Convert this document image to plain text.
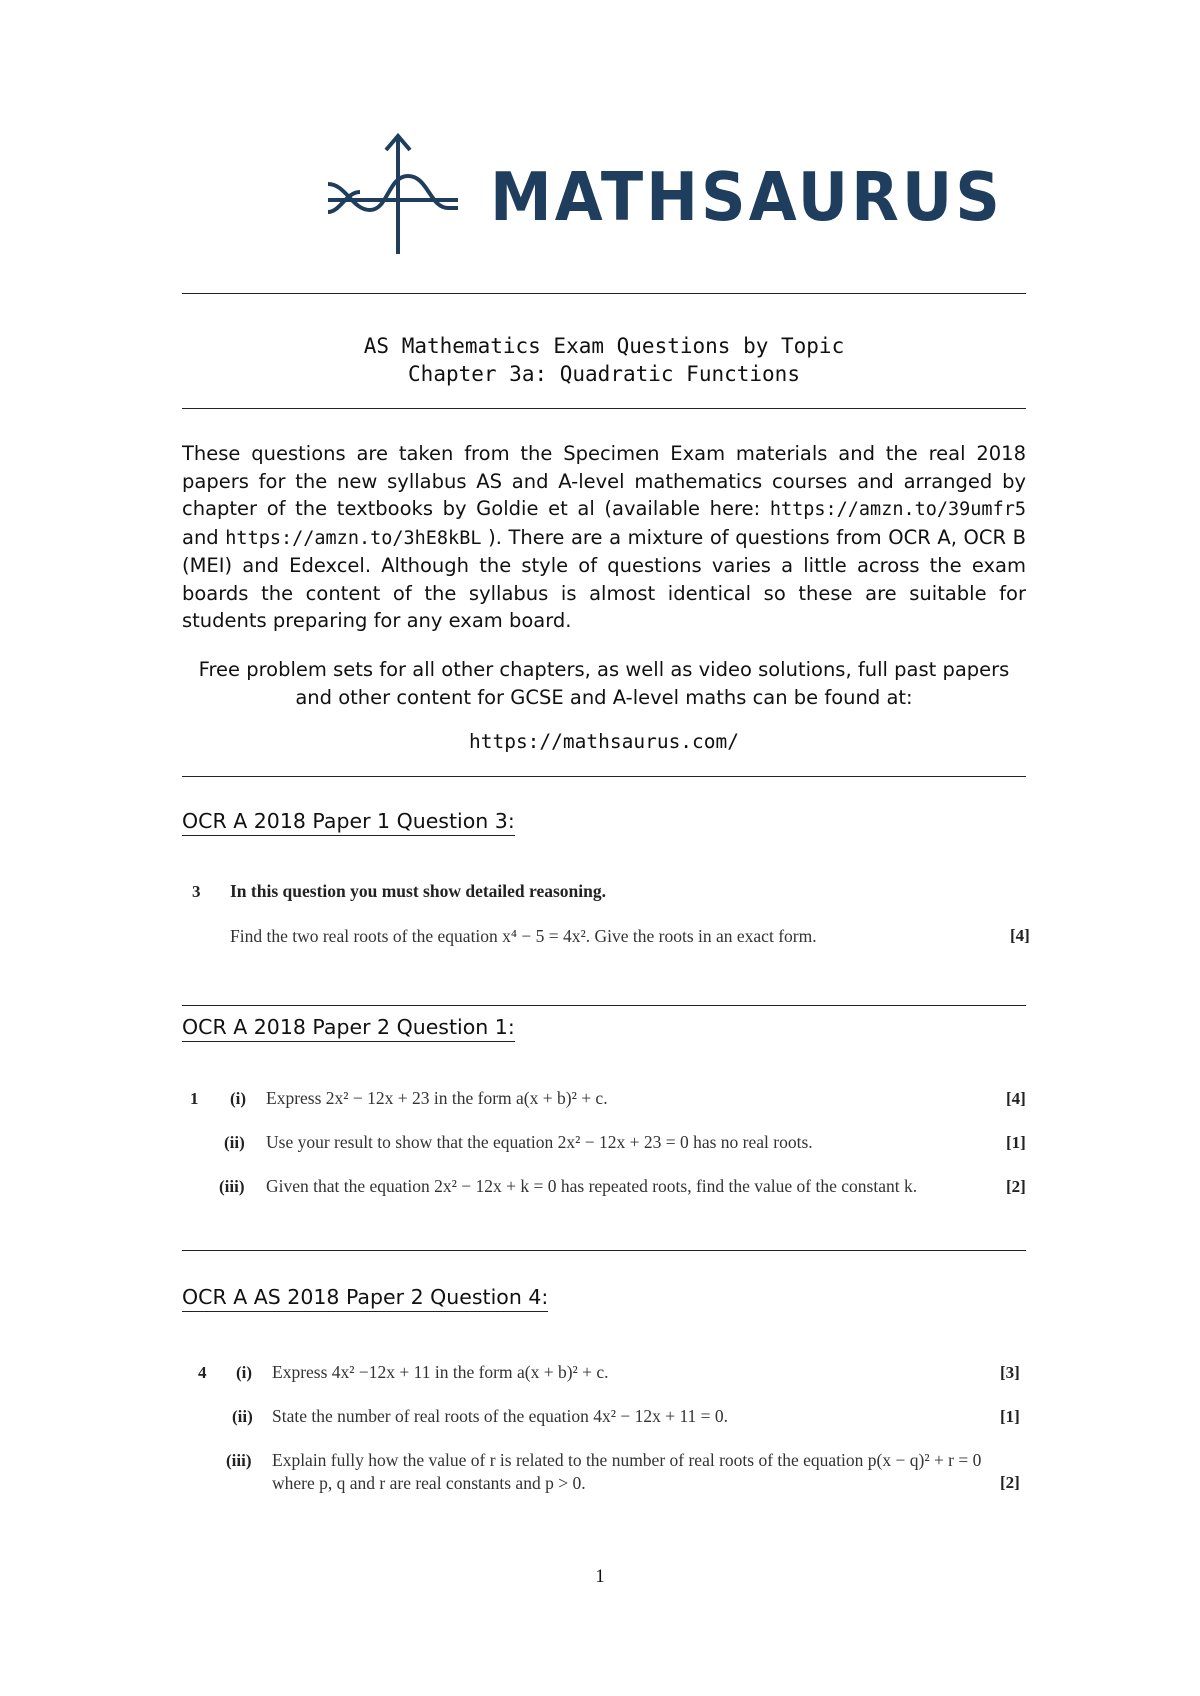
MATHSAURUS
AS Mathematics Exam Questions by Topic
Chapter 3a: Quadratic Functions
These questions are taken from the Specimen Exam materials and the real 2018 papers for the new syllabus AS and A-level mathematics courses and arranged by chapter of the textbooks by Goldie et al (available here: https://amzn.to/39umfr5 and https://amzn.to/3hE8kBL ). There are a mixture of questions from OCR A, OCR B (MEI) and Edexcel. Although the style of questions varies a little across the exam boards the content of the syllabus is almost identical so these are suitable for students preparing for any exam board.
Free problem sets for all other chapters, as well as video solutions, full past papers and other content for GCSE and A-level maths can be found at:
https://mathsaurus.com/
OCR A 2018 Paper 1 Question 3:
3 In this question you must show detailed reasoning.
Find the two real roots of the equation x⁴ − 5 = 4x². Give the roots in an exact form.	[4]
OCR A 2018 Paper 2 Question 1:
1 (i) Express 2x² − 12x + 23 in the form a(x + b)² + c.	[4]
(ii) Use your result to show that the equation 2x² − 12x + 23 = 0 has no real roots.	[1]
(iii) Given that the equation 2x² − 12x + k = 0 has repeated roots, find the value of the constant k.	[2]
OCR A AS 2018 Paper 2 Question 4:
4 (i) Express 4x² −12x + 11 in the form a(x + b)² + c.	[3]
(ii) State the number of real roots of the equation 4x² − 12x + 11 = 0.	[1]
(iii) Explain fully how the value of r is related to the number of real roots of the equation p(x − q)² + r = 0
where p, q and r are real constants and p > 0.	[2]
1
